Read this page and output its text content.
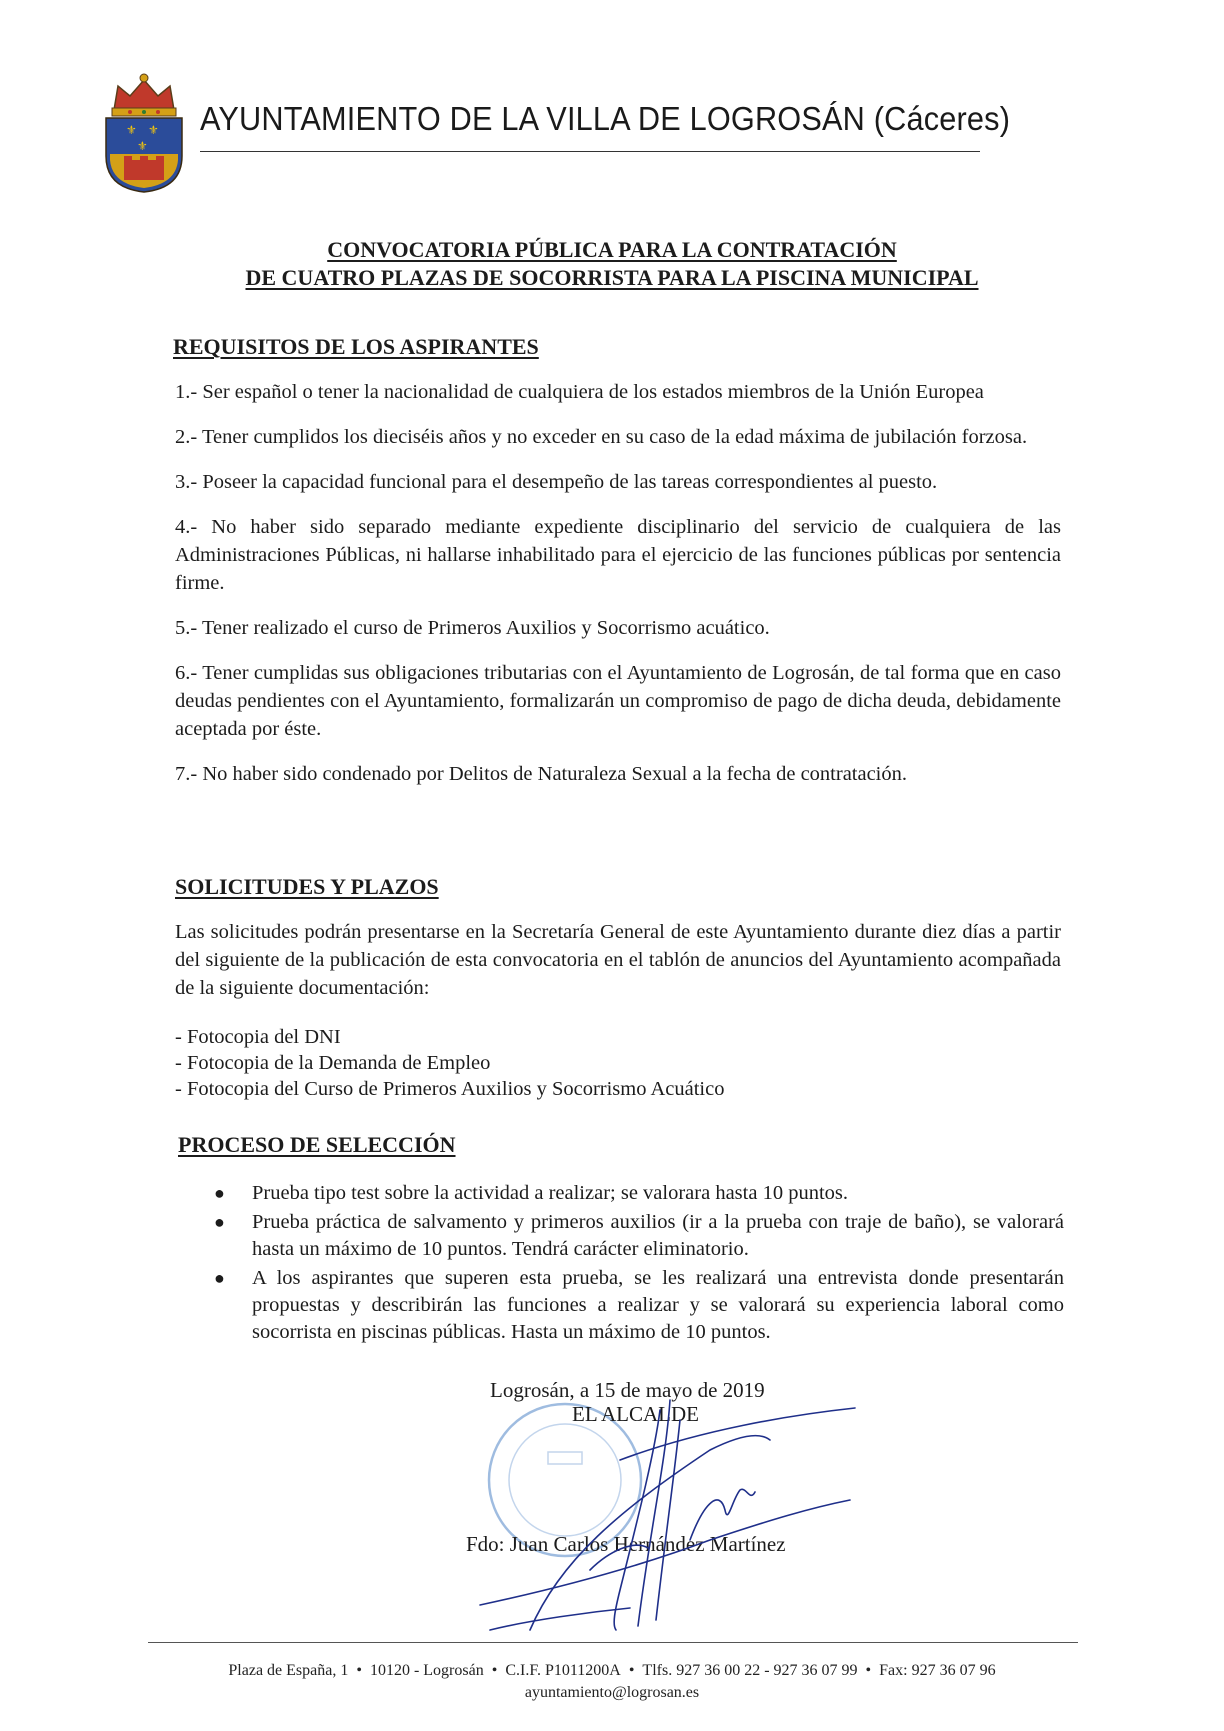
⚜ ⚜
⚜
AYUNTAMIENTO DE LA VILLA DE LOGROSÁN (Cáceres)
CONVOCATORIA PÚBLICA PARA LA CONTRATACIÓN
DE CUATRO PLAZAS DE SOCORRISTA PARA LA PISCINA MUNICIPAL
REQUISITOS DE LOS ASPIRANTES
1.- Ser español o tener la nacionalidad de cualquiera de los estados miembros de la Unión Europea
2.- Tener cumplidos los dieciséis años y no exceder en su caso de la edad máxima de jubilación forzosa.
3.- Poseer la capacidad funcional para el desempeño de las tareas correspondientes al puesto.
4.- No haber sido separado mediante expediente disciplinario del servicio de cualquiera de las Administraciones Públicas, ni hallarse inhabilitado para el ejercicio de las funciones públicas por sentencia firme.
5.- Tener realizado el curso de Primeros Auxilios y Socorrismo acuático.
6.- Tener cumplidas sus obligaciones tributarias con el Ayuntamiento de Logrosán, de tal forma que en caso deudas pendientes con el Ayuntamiento, formalizarán un compromiso de pago de dicha deuda, debidamente aceptada por éste.
7.- No haber sido condenado por Delitos de Naturaleza Sexual a la fecha de contratación.
SOLICITUDES Y PLAZOS
Las solicitudes podrán presentarse en la Secretaría General de este Ayuntamiento durante diez días a partir del siguiente de la publicación de esta convocatoria en el tablón de anuncios del Ayuntamiento acompañada de la siguiente documentación:
- Fotocopia del DNI
- Fotocopia de la Demanda de Empleo
- Fotocopia del Curso de Primeros Auxilios y Socorrismo Acuático
PROCESO DE SELECCIÓN
● Prueba tipo test sobre la actividad a realizar; se valorara hasta 10 puntos.
● Prueba práctica de salvamento y primeros auxilios (ir a la prueba con traje de baño), se valorará hasta un máximo de 10 puntos. Tendrá carácter eliminatorio.
● A los aspirantes que superen esta prueba, se les realizará una entrevista donde presentarán propuestas y describirán las funciones a realizar y se valorará su experiencia laboral como socorrista en piscinas públicas. Hasta un máximo de 10 puntos.
Logrosán, a 15 de mayo de 2019
EL ALCALDE
Fdo: Juan Carlos Hernández Martínez
Plaza de España, 1 • 10120 - Logrosán • C.I.F. P1011200A • Tlfs. 927 36 00 22 - 927 36 07 99 • Fax: 927 36 07 96
ayuntamiento@logrosan.es
